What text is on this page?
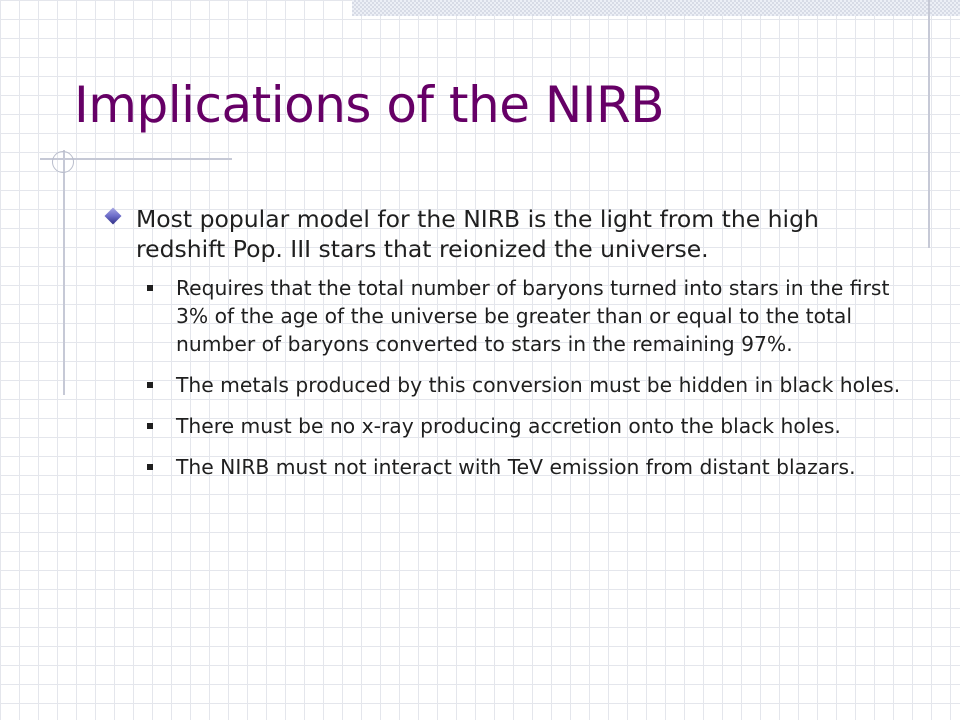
Implications of the NIRB

Most popular model for the NIRB is the light from the high redshift Pop. III stars that reionized the universe.

Requires that the total number of baryons turned into stars in the first 3% of the age of the universe be greater than or equal to the total number of baryons converted to stars in the remaining 97%.

The metals produced by this conversion must be hidden in black holes.

There must be no x-ray producing accretion onto the black holes.

The NIRB must not interact with TeV emission from distant blazars.
